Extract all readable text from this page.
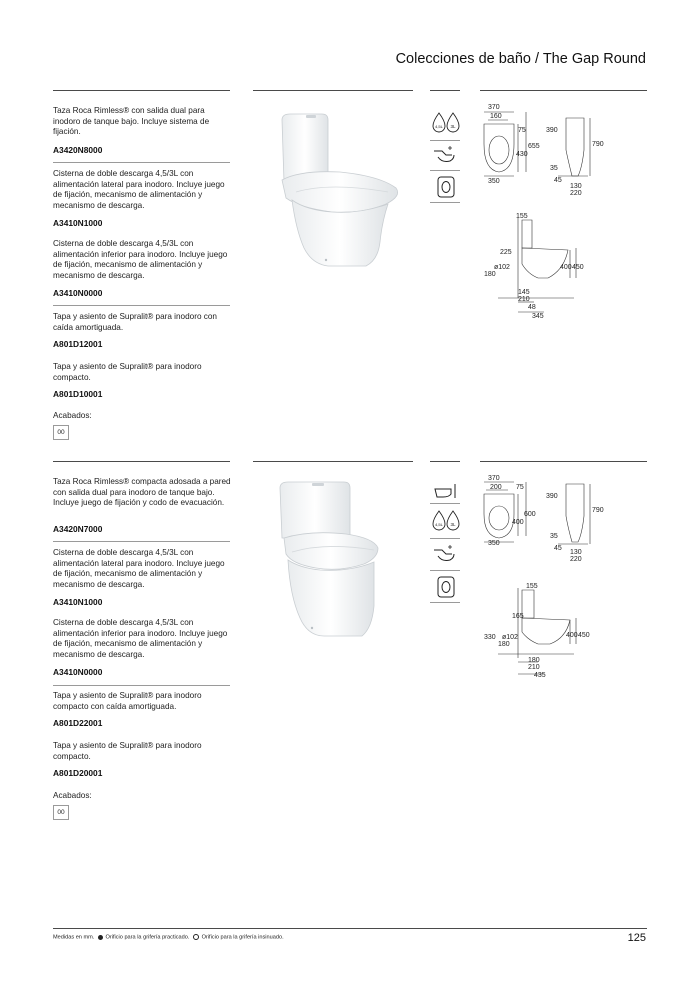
Colecciones de baño / The Gap Round
Taza Roca Rimless® con salida dual para inodoro de tanque bajo. Incluye sistema de fijación.
A3420N8000
Cisterna de doble descarga 4,5/3L con alimentación lateral para inodoro. Incluye juego de fijación, mecanismo de alimentación y mecanismo de descarga.
A3410N1000
Cisterna de doble descarga 4,5/3L con alimentación inferior para inodoro. Incluye juego de fijación, mecanismo de alimentación y mecanismo de descarga.
A3410N0000
Tapa y asiento de Supralit® para inodoro con caída amortiguada.
A801D12001
Tapa y asiento de Supralit® para inodoro compacto.
A801D10001
Acabados:
00
4,5L 3L
370
160
75
655
430
350
390
790
35
45
130
220
155
225
ø102
180
400 450
145
210
48
345
Taza Roca Rimless® compacta adosada a pared con salida dual para inodoro de tanque bajo. Incluye juego de fijación y codo de evacuación.
A3420N7000
Cisterna de doble descarga 4,5/3L con alimentación lateral para inodoro. Incluye juego de fijación, mecanismo de alimentación y mecanismo de descarga.
A3410N1000
Cisterna de doble descarga 4,5/3L con alimentación inferior para inodoro. Incluye juego de fijación, mecanismo de alimentación y mecanismo de descarga.
A3410N0000
Tapa y asiento de Supralit® para inodoro compacto con caída amortiguada.
A801D22001
Tapa y asiento de Supralit® para inodoro compacto.
A801D20001
Acabados:
00
4,5L 3L
370
200 75
600
400
350
390
790
35
45
130
220
155
165
330 ø102
180
400 450
180
210
435
Medidas en mm. Orificio para la grifería practicado. Orificio para la grifería insinuado.	125
